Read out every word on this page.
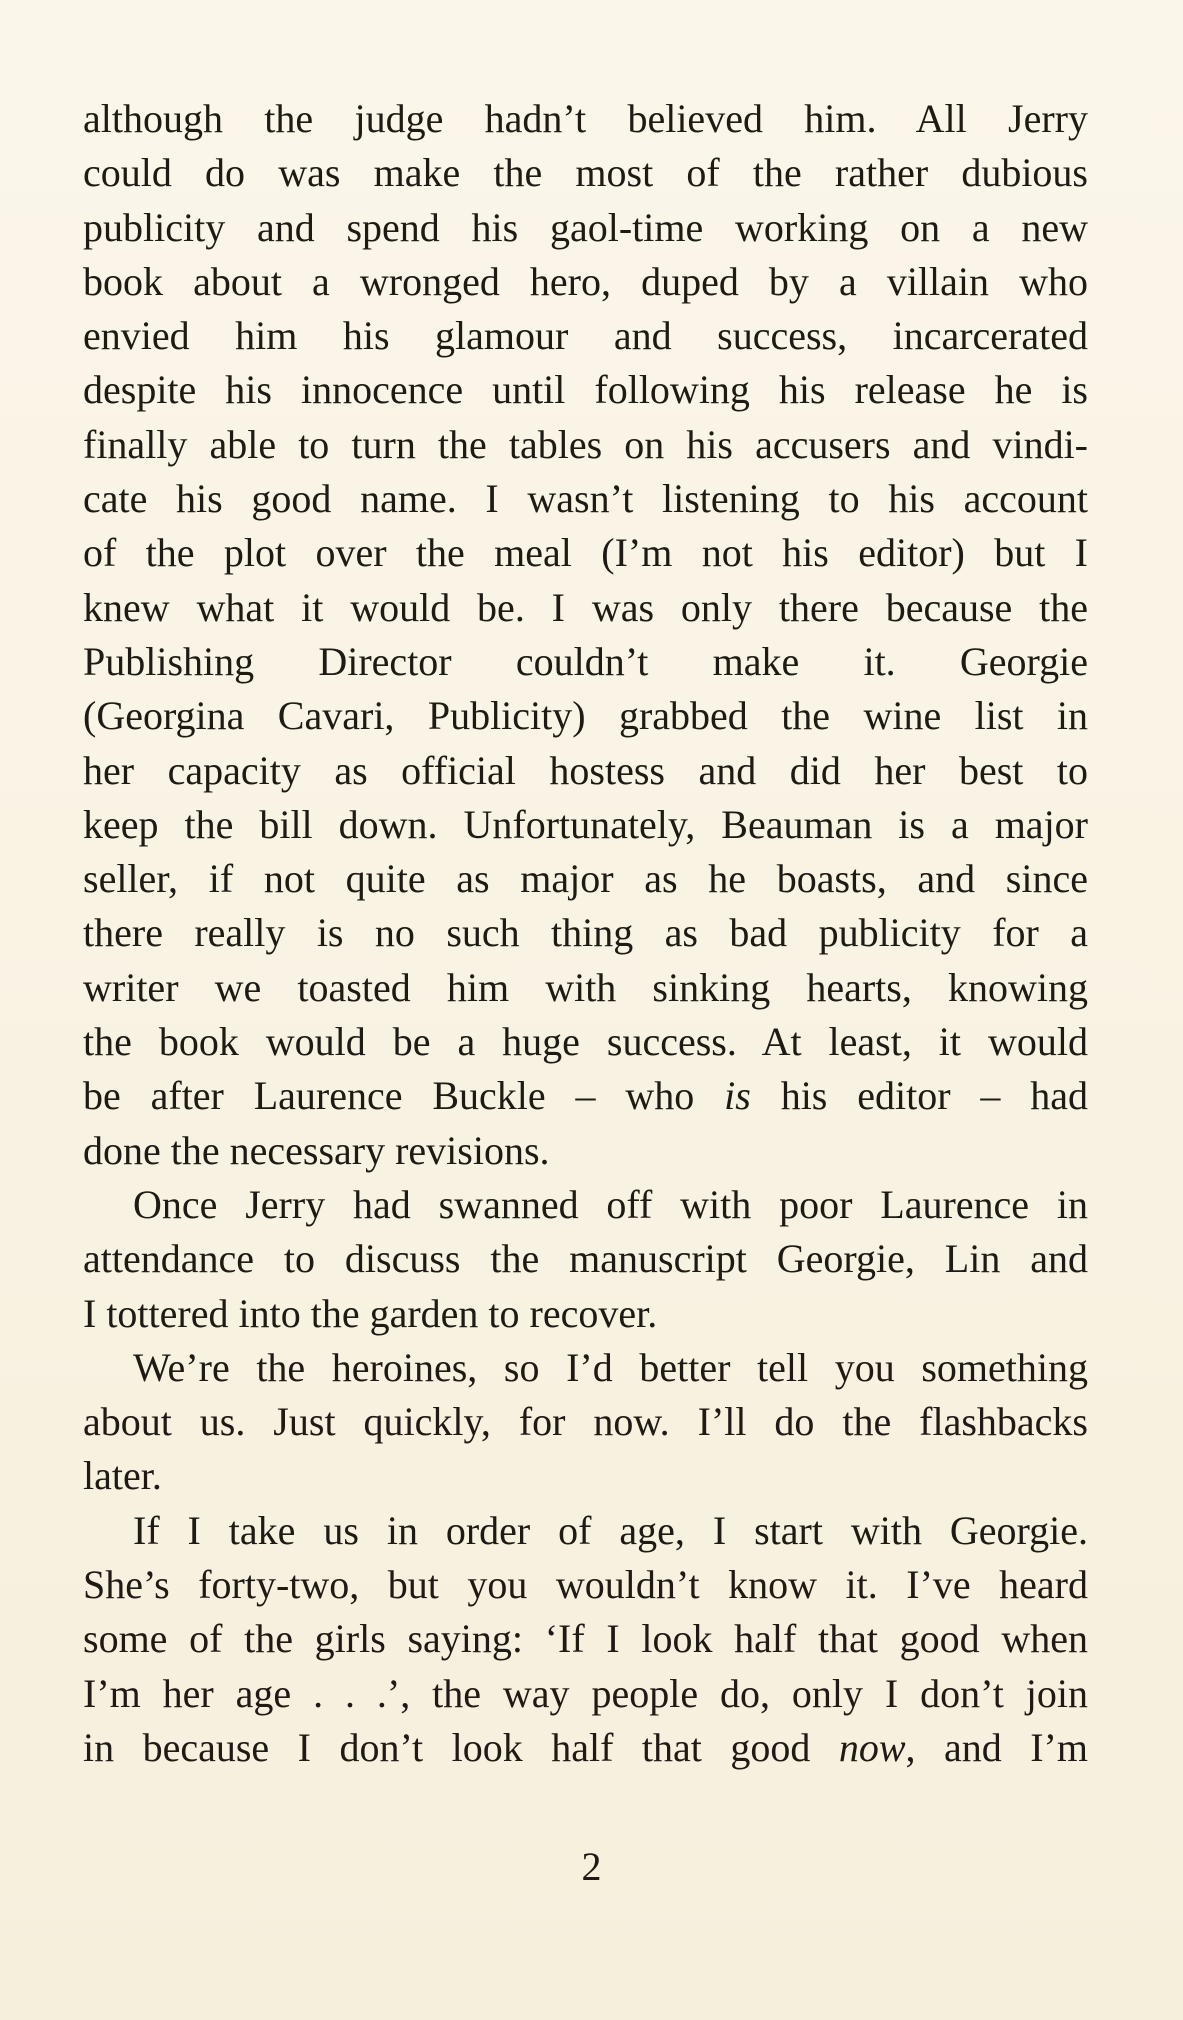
although the judge hadn’t believed him. All Jerry
could do was make the most of the rather dubious
publicity and spend his gaol-time working on a new
book about a wronged hero, duped by a villain who
envied him his glamour and success, incarcerated
despite his innocence until following his release he is
finally able to turn the tables on his accusers and vindi-
cate his good name. I wasn’t listening to his account
of the plot over the meal (I’m not his editor) but I
knew what it would be. I was only there because the
Publishing Director couldn’t make it. Georgie
(Georgina Cavari, Publicity) grabbed the wine list in
her capacity as official hostess and did her best to
keep the bill down. Unfortunately, Beauman is a major
seller, if not quite as major as he boasts, and since
there really is no such thing as bad publicity for a
writer we toasted him with sinking hearts, knowing
the book would be a huge success. At least, it would
be after Laurence Buckle – who is his editor – had
done the necessary revisions.
Once Jerry had swanned off with poor Laurence in
attendance to discuss the manuscript Georgie, Lin and
I tottered into the garden to recover.
We’re the heroines, so I’d better tell you something
about us. Just quickly, for now. I’ll do the flashbacks
later.
If I take us in order of age, I start with Georgie.
She’s forty-two, but you wouldn’t know it. I’ve heard
some of the girls saying: ‘If I look half that good when
I’m her age . . .’, the way people do, only I don’t join
in because I don’t look half that good now, and I’m
2
